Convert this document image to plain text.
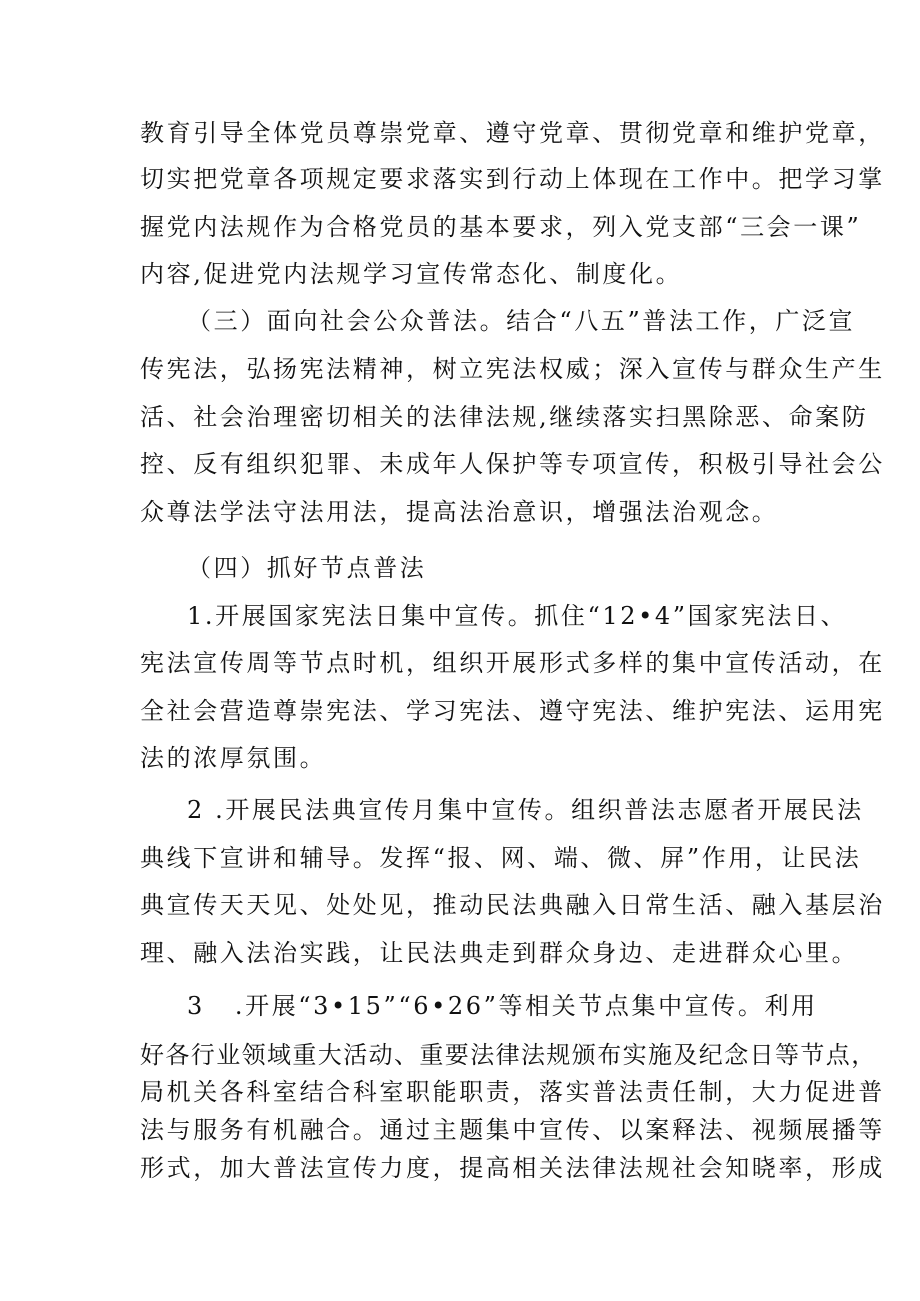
教育引导全体党员尊崇党章、遵守党章、贯彻党章和维护党章，
切实把党章各项规定要求落实到行动上体现在工作中。把学习掌
握党内法规作为合格党员的基本要求，列入党支部“三会一课”
内容,促进党内法规学习宣传常态化、制度化。
（三）面向社会公众普法。结合“八五”普法工作，广泛宣
传宪法，弘扬宪法精神，树立宪法权威；深入宣传与群众生产生
活、社会治理密切相关的法律法规,继续落实扫黑除恶、命案防
控、反有组织犯罪、未成年人保护等专项宣传，积极引导社会公
众尊法学法守法用法，提高法治意识，增强法治观念。
（四）抓好节点普法
1.开展国家宪法日集中宣传。抓住“12•4”国家宪法日、
宪法宣传周等节点时机，组织开展形式多样的集中宣传活动，在
全社会营造尊崇宪法、学习宪法、遵守宪法、维护宪法、运用宪
法的浓厚氛围。
2 .开展民法典宣传月集中宣传。组织普法志愿者开展民法
典线下宣讲和辅导。发挥“报、网、端、微、屏”作用，让民法
典宣传天天见、处处见，推动民法典融入日常生活、融入基层治
理、融入法治实践，让民法典走到群众身边、走进群众心里。
3 .开展“3•15”“6•26”等相关节点集中宣传。利用
好各行业领域重大活动、重要法律法规颁布实施及纪念日等节点，
局机关各科室结合科室职能职责，落实普法责任制，大力促进普
法与服务有机融合。通过主题集中宣传、以案释法、视频展播等
形式，加大普法宣传力度，提高相关法律法规社会知晓率，形成
